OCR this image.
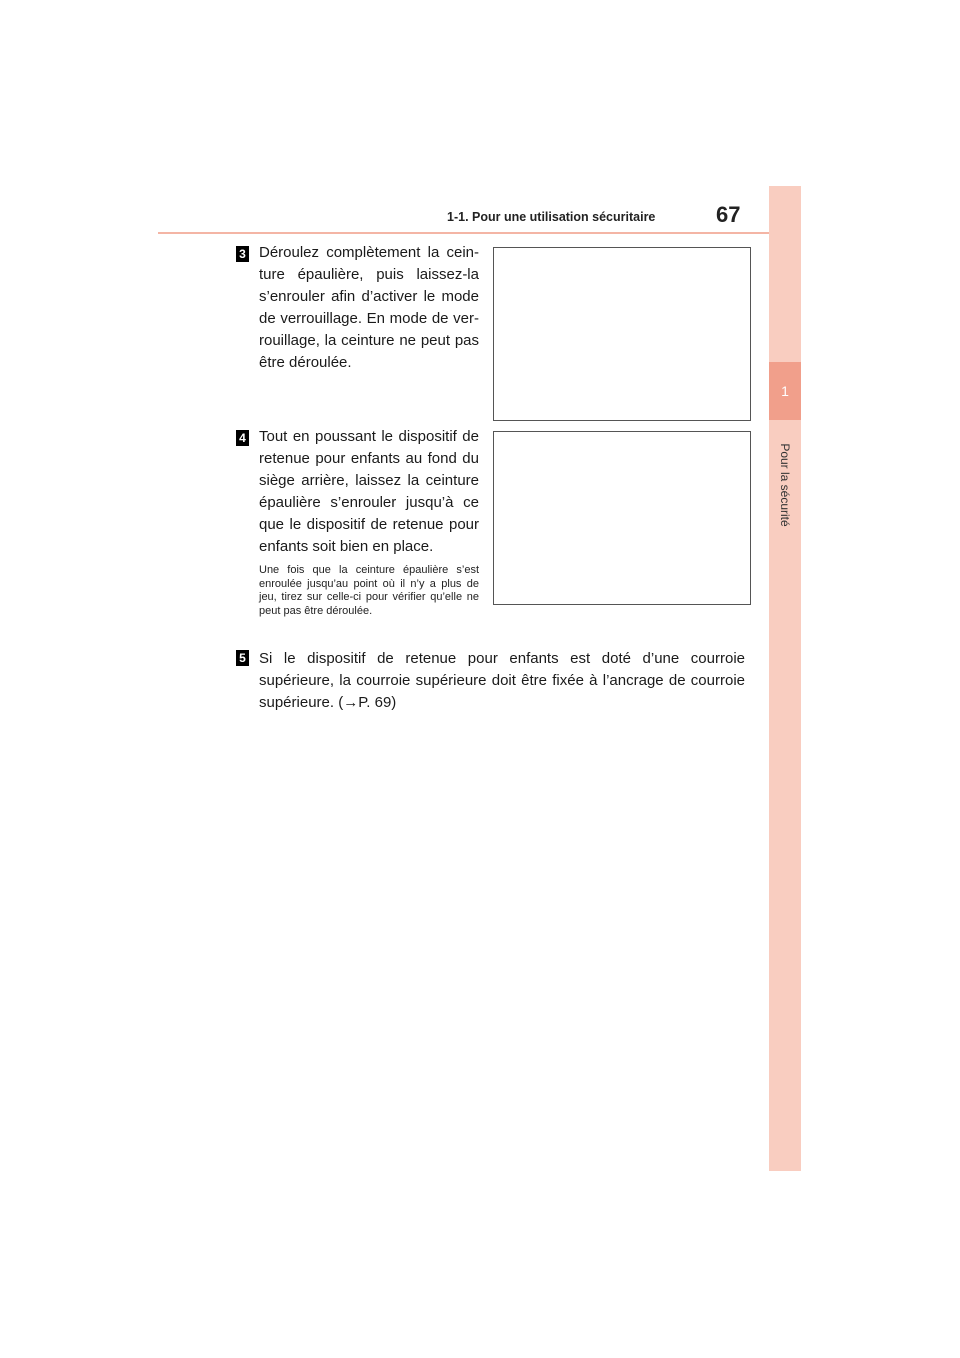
1-1. Pour une utilisation sécuritaire	67
1
Pour la sécurité
3 Déroulez complètement la cein- ture épaulière, puis laissez-la s’enrouler afin d’activer le mode de verrouillage. En mode de ver- rouillage, la ceinture ne peut pas être déroulée.
4 Tout en poussant le dispositif de retenue pour enfants au fond du siège arrière, laissez la ceinture épaulière s’enrouler jusqu’à ce que le dispositif de retenue pour enfants soit bien en place.
Une fois que la ceinture épaulière s’est enroulée jusqu’au point où il n’y a plus de jeu, tirez sur celle-ci pour vérifier qu’elle ne peut pas être déroulée.
5 Si le dispositif de retenue pour enfants est doté d’une courroie supérieure, la courroie supérieure doit être fixée à l’ancrage de courroie supérieure. (→P. 69)
